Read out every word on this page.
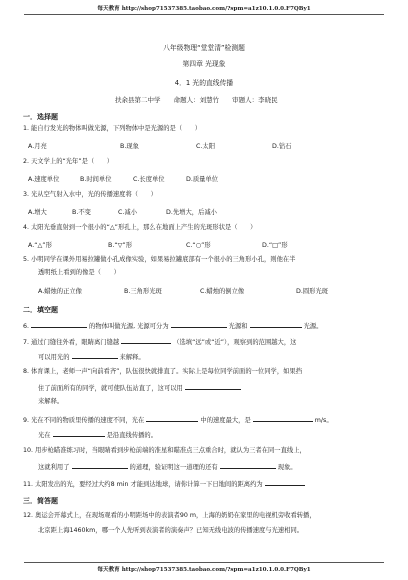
每天教育 http://shop71537385.taobao.com/?spm=a1z10.1.0.0.F7QBy1
八年级物理“堂堂清”检测题
第四章 光现象
4．1 光的直线传播
扶余县第二中学 命题人：刘慧竹 审题人：李晓民
一．选择题
1. 能自行发光的物体叫做光源，下列物体中是光源的是（　　）
A.月亮	B.现象	C.太阳	D.钻石
2. 天文学上的“光年”是（　　）
A.速度单位	B.时间单位	C.长度单位	D.质量单位
3. 光从空气射入水中，光的传播速度将（　　）
A.增大	B.不变	C.减小	D.先增大，后减小
4. 太阳光垂直射到一个很小的“△”形孔上，那么在地面上产生的光斑形状是（　　）
A.“△”形	B.“▽”形	C.“○”形	D.“□”形
5. 小明同学在课外用易拉罐做小孔成像实验，如果易拉罐底部有一个很小的三角形小孔，则他在半
透明纸上看到的像是（　　）
A.蜡烛的正立像	B.三角形光斑	C.蜡烛的倒立像	D.圆形光斑
二．填空题
6.	的物体叫做光源, 光源可分为	光源和	光源。
7. 通过门缝往外看，眼睛离门缝越	（选填“远”或“近”），观察到的范围越大，这
可以用光的	来解释。
8. 体育课上，老师一声“向前看齐”，队伍很快就排直了。实际上是每位同学前面的一位同学，如果挡
住了前面所有的同学，就可使队伍站直了，这可以用
来解释。
9. 光在不同的物质里传播的速度不同，光在	中的速度最大，是	m/s。
光在	是沿直线传播的。
10. 用步枪瞄准练习时，当眼睛看到步枪前端的准星和瞄准点三点重合时，就认为三者在同一直线上，
这就利用了	的道理，验证明这一道理的还有	现象。
11. 太阳发出的光，要经过大约8 min 才能到达地球，请你计算一下日地间的距离约为
三．简答题
12. 奥运会开幕式上，在现场观看的小明距场中的表演者90 m，上海的奶奶在家里的电视机旁收看转播，
北京距上海1460km，哪一个人先听到表演者的演奏声？已知无线电波的传播速度与光速相同。
每天教育 http://shop71537385.taobao.com/?spm=a1z10.1.0.0.F7QBy1
